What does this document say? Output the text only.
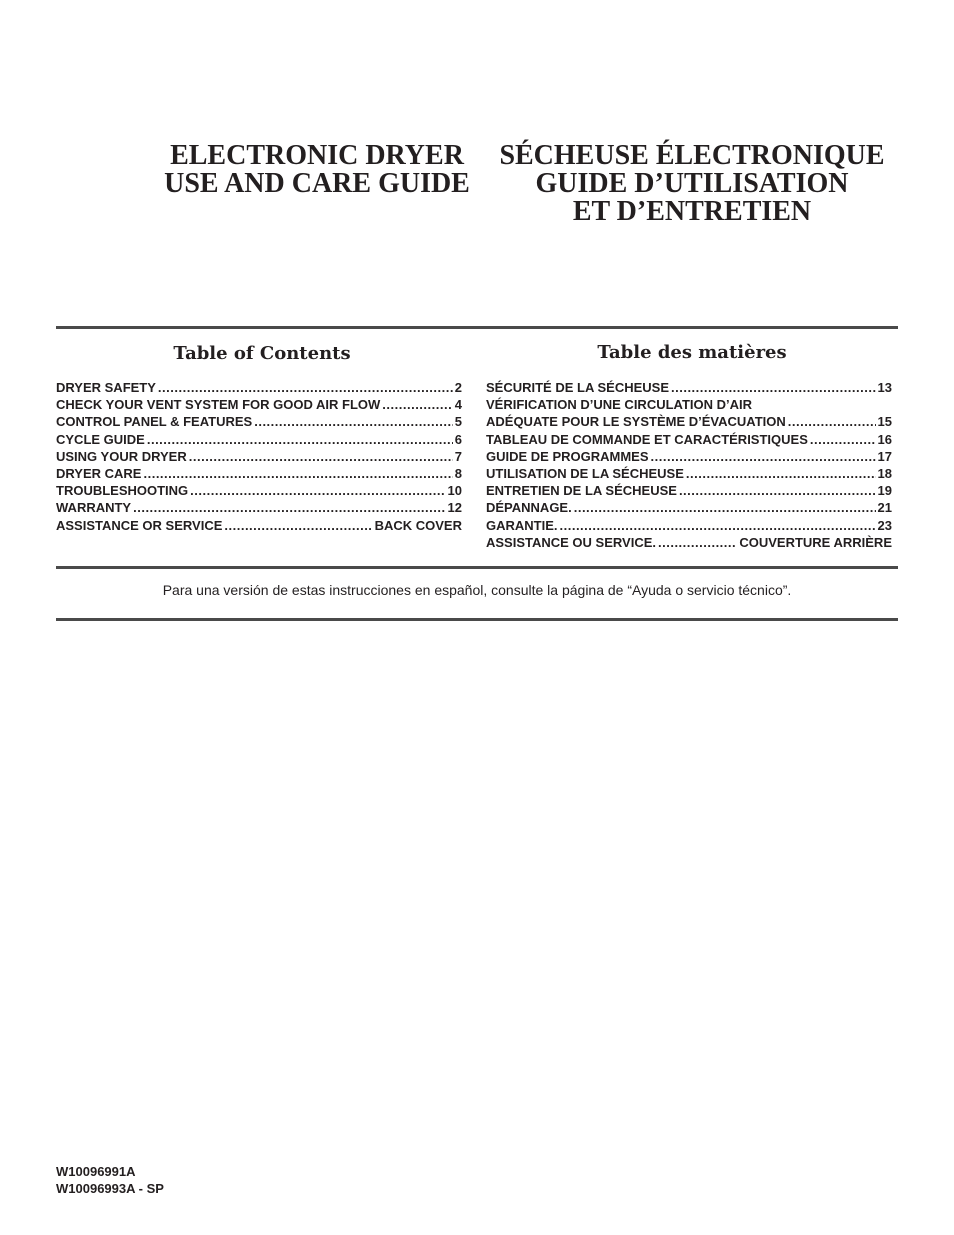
ELECTRONIC DRYER
USE AND CARE GUIDE
SÉCHEUSE ÉLECTRONIQUE
GUIDE D’UTILISATION
ET D’ENTRETIEN
Table of Contents	Table des matières
DRYER SAFETY .....	2
CHECK YOUR VENT SYSTEM FOR GOOD AIR FLOW .....	4
CONTROL PANEL & FEATURES .....	5
CYCLE GUIDE .....	6
USING YOUR DRYER .....	7
DRYER CARE .....	8
TROUBLESHOOTING .....	10
WARRANTY .....	12
ASSISTANCE OR SERVICE .....	BACK COVER
SÉCURITÉ DE LA SÉCHEUSE .....	13
VÉRIFICATION D’UNE CIRCULATION D’AIR
ADÉQUATE POUR LE SYSTÈME D’ÉVACUATION .....	15
TABLEAU DE COMMANDE ET CARACTÉRISTIQUES .....	16
GUIDE DE PROGRAMMES .....	17
UTILISATION DE LA SÉCHEUSE .....	18
ENTRETIEN DE LA SÉCHEUSE .....	19
DÉPANNAGE. .....	21
GARANTIE. .....	23
ASSISTANCE OU SERVICE. .....	COUVERTURE ARRIÈRE

Para una versión de estas instrucciones en español, consulte la página de “Ayuda o servicio técnico”.

W10096991A
W10096993A - SP
